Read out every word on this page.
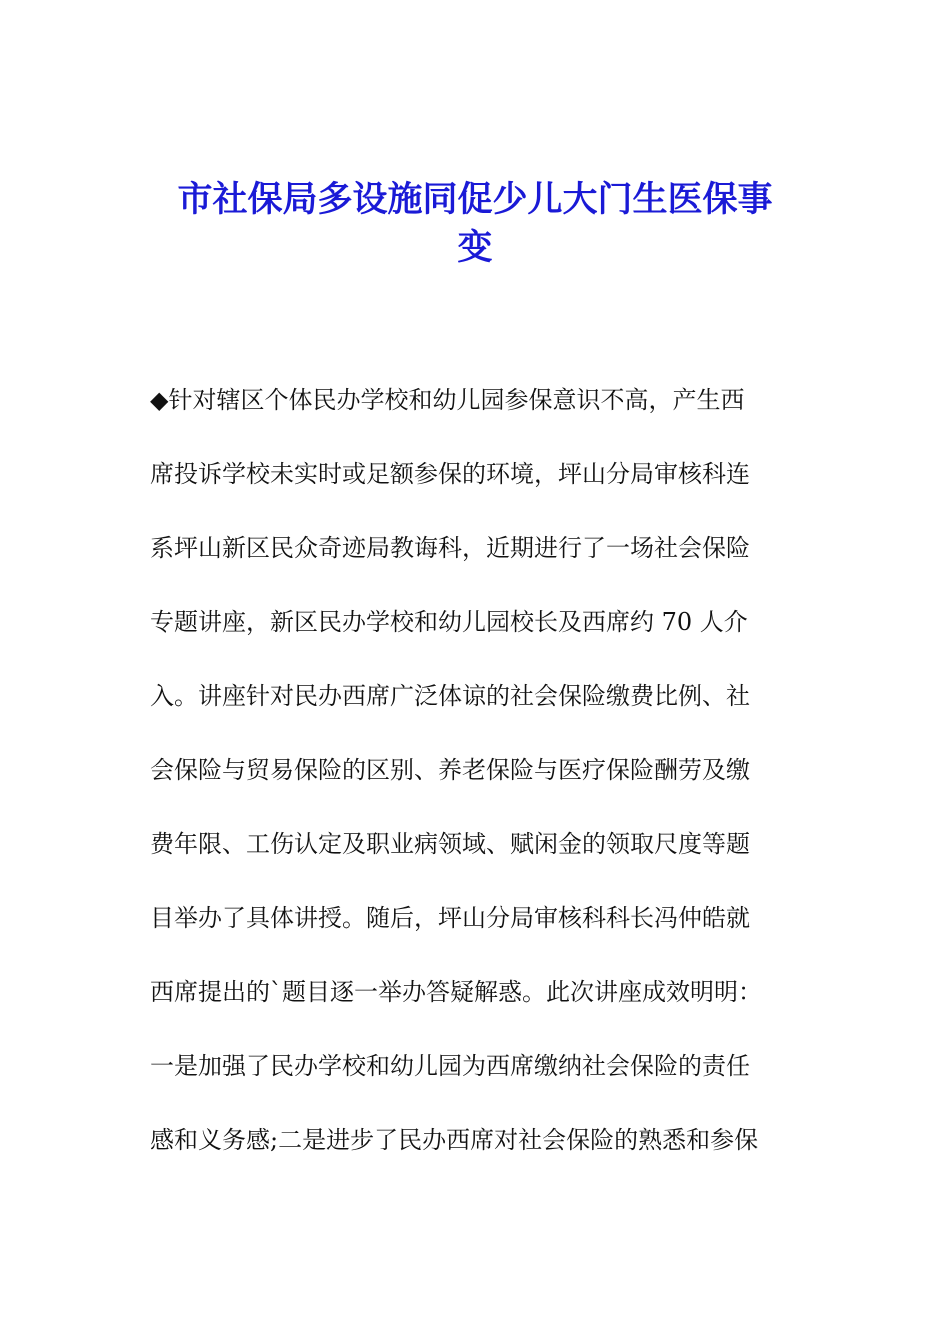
市社保局多设施同促少儿大门生医保事
变
◆针对辖区个体民办学校和幼儿园参保意识不高，产生西
席投诉学校未实时或足额参保的环境，坪山分局审核科连
系坪山新区民众奇迹局教诲科，近期进行了一场社会保险
专题讲座，新区民办学校和幼儿园校长及西席约 70 人介
入。讲座针对民办西席广泛体谅的社会保险缴费比例、社
会保险与贸易保险的区别、养老保险与医疗保险酬劳及缴
费年限、工伤认定及职业病领域、赋闲金的领取尺度等题
目举办了具体讲授。随后，坪山分局审核科科长冯仲皓就
西席提出的`题目逐一举办答疑解惑。此次讲座成效明明：
一是加强了民办学校和幼儿园为西席缴纳社会保险的责任
感和义务感;二是进步了民办西席对社会保险的熟悉和参保
